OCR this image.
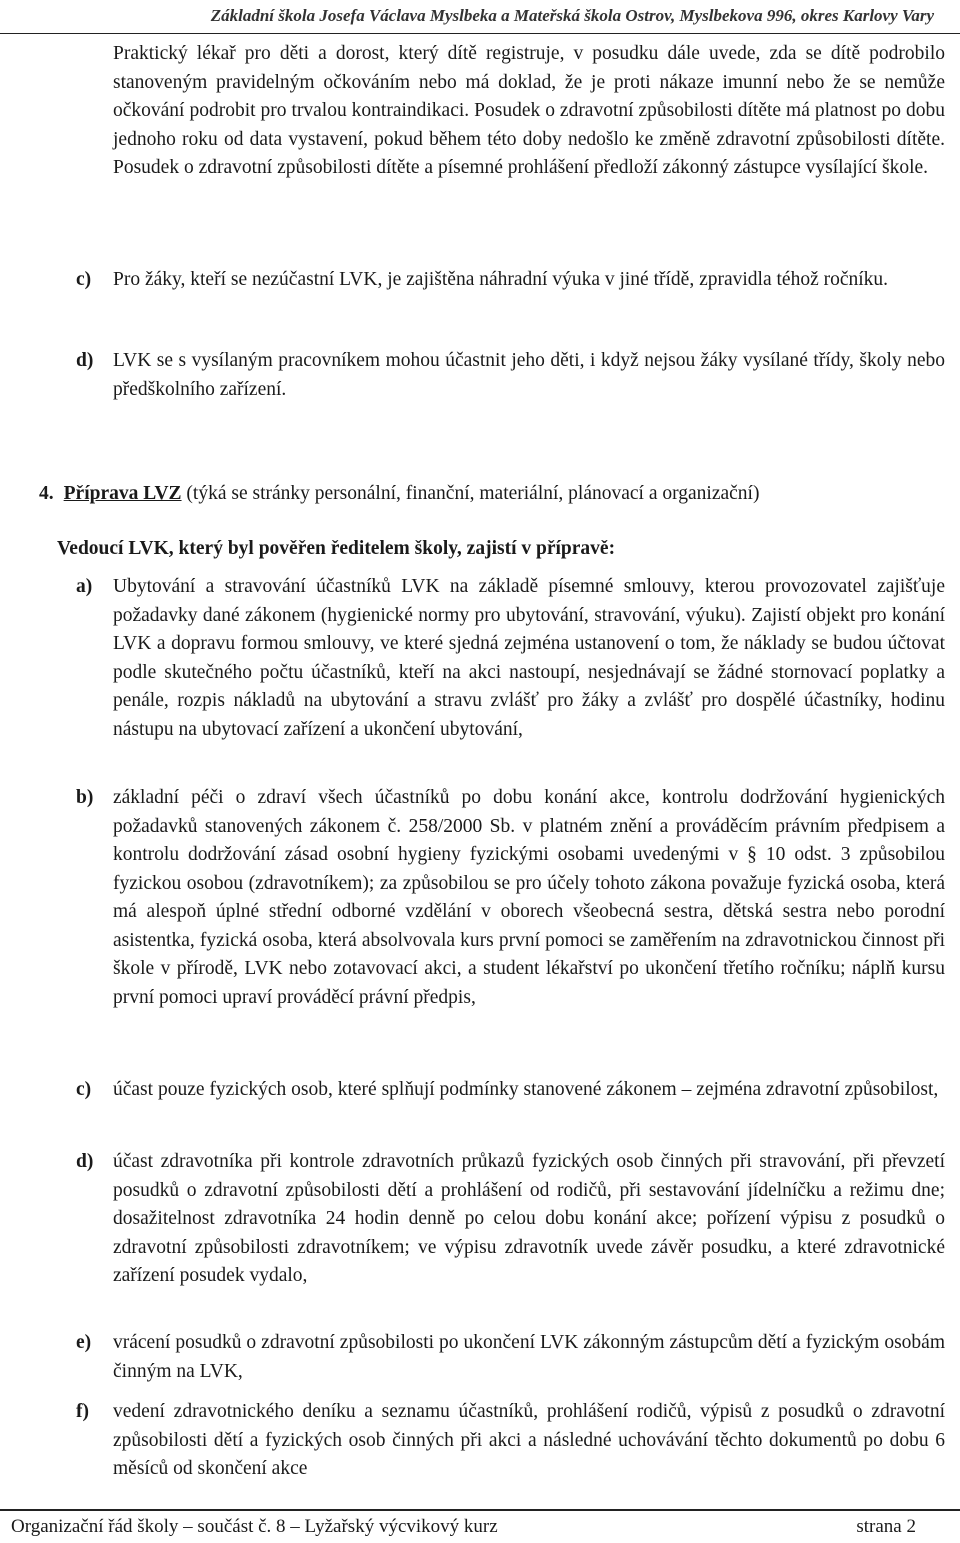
Základní škola Josefa Václava Myslbeka a Mateřská škola Ostrov, Myslbekova 996, okres Karlovy Vary
Praktický lékař pro děti a dorost, který dítě registruje, v posudku dále uvede, zda se dítě podrobilo stanoveným pravidelným očkováním nebo má doklad, že je proti nákaze imunní nebo že se nemůže očkování podrobit pro trvalou kontraindikaci. Posudek o zdravotní způsobilosti dítěte má platnost po dobu jednoho roku od data vystavení, pokud během této doby nedošlo ke změně zdravotní způsobilosti dítěte. Posudek o zdravotní způsobilosti dítěte a písemné prohlášení předloží zákonný zástupce vysílající škole.
c) Pro žáky, kteří se nezúčastní LVK, je zajištěna náhradní výuka v jiné třídě, zpravidla téhož ročníku.
d) LVK se s vysílaným pracovníkem mohou účastnit jeho děti, i když nejsou žáky vysílané třídy, školy nebo předškolního zařízení.
4. Příprava LVZ (týká se stránky personální, finanční, materiální, plánovací a organizační)
Vedoucí LVK, který byl pověřen ředitelem školy, zajistí v přípravě:
a) Ubytování a stravování účastníků LVK na základě písemné smlouvy, kterou provozovatel zajišťuje požadavky dané zákonem (hygienické normy pro ubytování, stravování, výuku). Zajistí objekt pro konání LVK a dopravu formou smlouvy, ve které sjedná zejména ustanovení o tom, že náklady se budou účtovat podle skutečného počtu účastníků, kteří na akci nastoupí, nesjednávají se žádné stornovací poplatky a penále, rozpis nákladů na ubytování a stravu zvlášť pro žáky a zvlášť pro dospělé účastníky, hodinu nástupu na ubytovací zařízení a ukončení ubytování,
b) základní péči o zdraví všech účastníků po dobu konání akce, kontrolu dodržování hygienických požadavků stanovených zákonem č. 258/2000 Sb. v platném znění a prováděcím právním předpisem a kontrolu dodržování zásad osobní hygieny fyzickými osobami uvedenými v § 10 odst. 3 způsobilou fyzickou osobou (zdravotníkem); za způsobilou se pro účely tohoto zákona považuje fyzická osoba, která má alespoň úplné střední odborné vzdělání v oborech všeobecná sestra, dětská sestra nebo porodní asistentka, fyzická osoba, která absolvovala kurs první pomoci se zaměřením na zdravotnickou činnost při škole v přírodě, LVK nebo zotavovací akci, a student lékařství po ukončení třetího ročníku; náplň kursu první pomoci upraví prováděcí právní předpis,
c) účast pouze fyzických osob, které splňují podmínky stanovené zákonem – zejména zdravotní způsobilost,
d) účast zdravotníka při kontrole zdravotních průkazů fyzických osob činných při stravování, při převzetí posudků o zdravotní způsobilosti dětí a prohlášení od rodičů, při sestavování jídelníčku a režimu dne; dosažitelnost zdravotníka 24 hodin denně po celou dobu konání akce; pořízení výpisu z posudků o zdravotní způsobilosti zdravotníkem; ve výpisu zdravotník uvede závěr posudku, a které zdravotnické zařízení posudek vydalo,
e) vrácení posudků o zdravotní způsobilosti po ukončení LVK zákonným zástupcům dětí a fyzickým osobám činným na LVK,
f) vedení zdravotnického deníku a seznamu účastníků, prohlášení rodičů, výpisů z posudků o zdravotní způsobilosti dětí a fyzických osob činných při akci a následné uchovávání těchto dokumentů po dobu 6 měsíců od skončení akce
Organizační řád školy – součást č. 8 – Lyžařský výcvikový kurz	strana 2
